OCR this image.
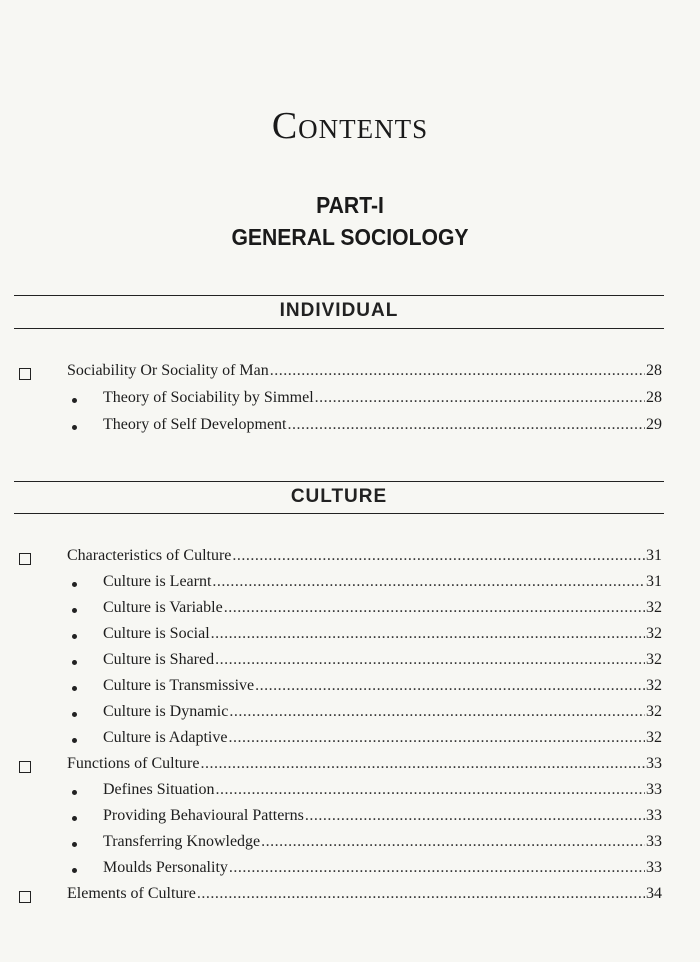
Contents
PART-I
GENERAL SOCIOLOGY
INDIVIDUAL
Sociability Or Sociality of Man .....	28
Theory of Sociability by Simmel .....	28
Theory of Self Development .....	29
CULTURE
Characteristics of Culture .....	31
Culture is Learnt .....	31
Culture is Variable .....	32
Culture is Social .....	32
Culture is Shared .....	32
Culture is Transmissive .....	32
Culture is Dynamic .....	32
Culture is Adaptive .....	32
Functions of Culture .....	33
Defines Situation .....	33
Providing Behavioural Patterns .....	33
Transferring Knowledge .....	33
Moulds Personality .....	33
Elements of Culture .....	34
